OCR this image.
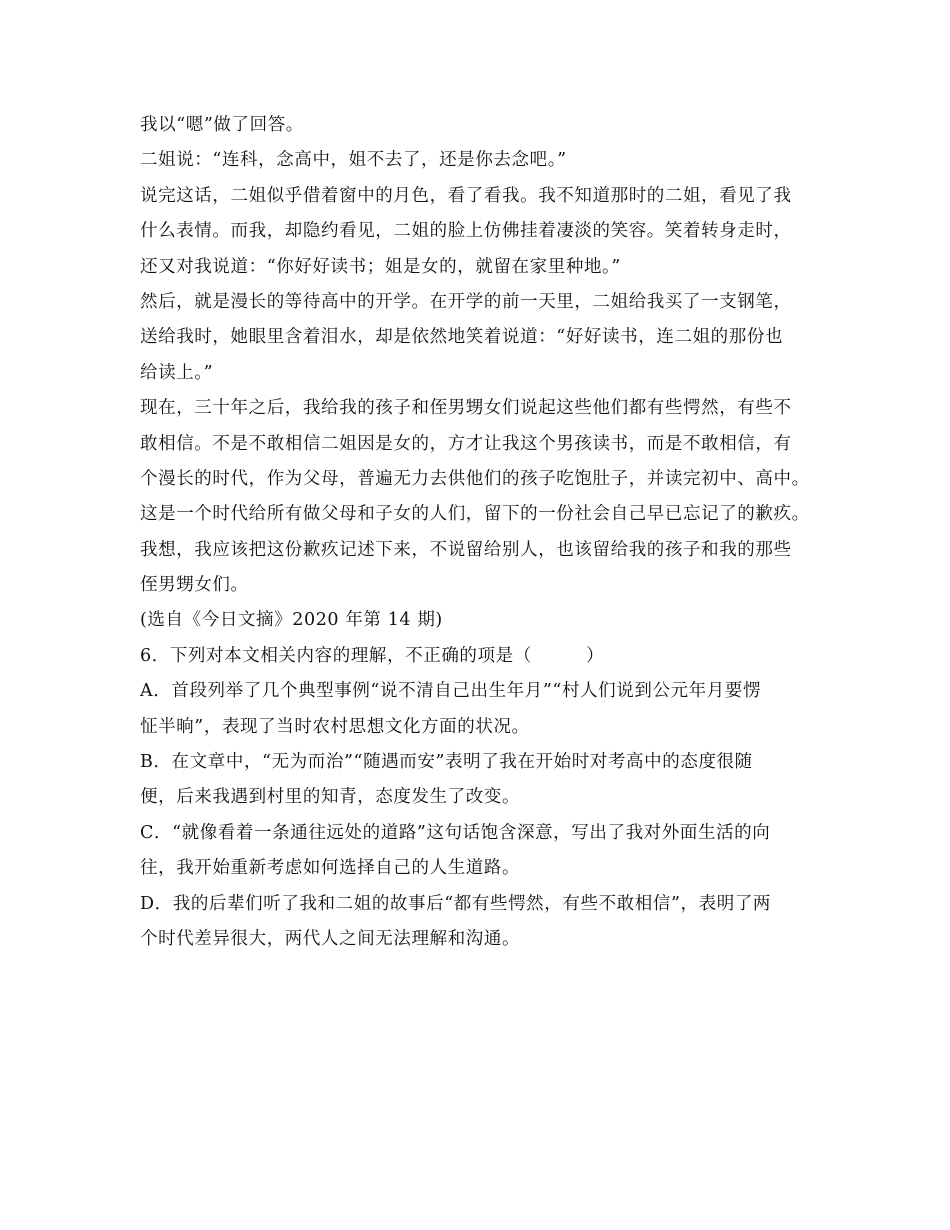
我以“嗯”做了回答。
二姐说：“连科，念高中，姐不去了，还是你去念吧。”
说完这话，二姐似乎借着窗中的月色，看了看我。我不知道那时的二姐，看见了我
什么表情。而我，却隐约看见，二姐的脸上仿佛挂着凄淡的笑容。笑着转身走时，
还又对我说道：“你好好读书；姐是女的，就留在家里种地。”
然后，就是漫长的等待高中的开学。在开学的前一天里，二姐给我买了一支钢笔，
送给我时，她眼里含着泪水，却是依然地笑着说道：“好好读书，连二姐的那份也
给读上。”
现在，三十年之后，我给我的孩子和侄男甥女们说起这些他们都有些愕然，有些不
敢相信。不是不敢相信二姐因是女的，方才让我这个男孩读书，而是不敢相信，有
个漫长的时代，作为父母，普遍无力去供他们的孩子吃饱肚子，并读完初中、高中。
这是一个时代给所有做父母和子女的人们，留下的一份社会自己早已忘记了的歉疚。
我想，我应该把这份歉疚记述下来，不说留给别人，也该留给我的孩子和我的那些
侄男甥女们。
(选自《今日文摘》2020 年第 14 期)
6．下列对本文相关内容的理解，不正确的项是（　　　）
A．首段列举了几个典型事例“说不清自己出生年月”“村人们说到公元年月要愣
怔半晌”，表现了当时农村思想文化方面的状况。
B．在文章中，“无为而治”“随遇而安”表明了我在开始时对考高中的态度很随
便，后来我遇到村里的知青，态度发生了改变。
C．“就像看着一条通往远处的道路”这句话饱含深意，写出了我对外面生活的向
往，我开始重新考虑如何选择自己的人生道路。
D．我的后辈们听了我和二姐的故事后“都有些愕然，有些不敢相信”，表明了两
个时代差异很大，两代人之间无法理解和沟通。
